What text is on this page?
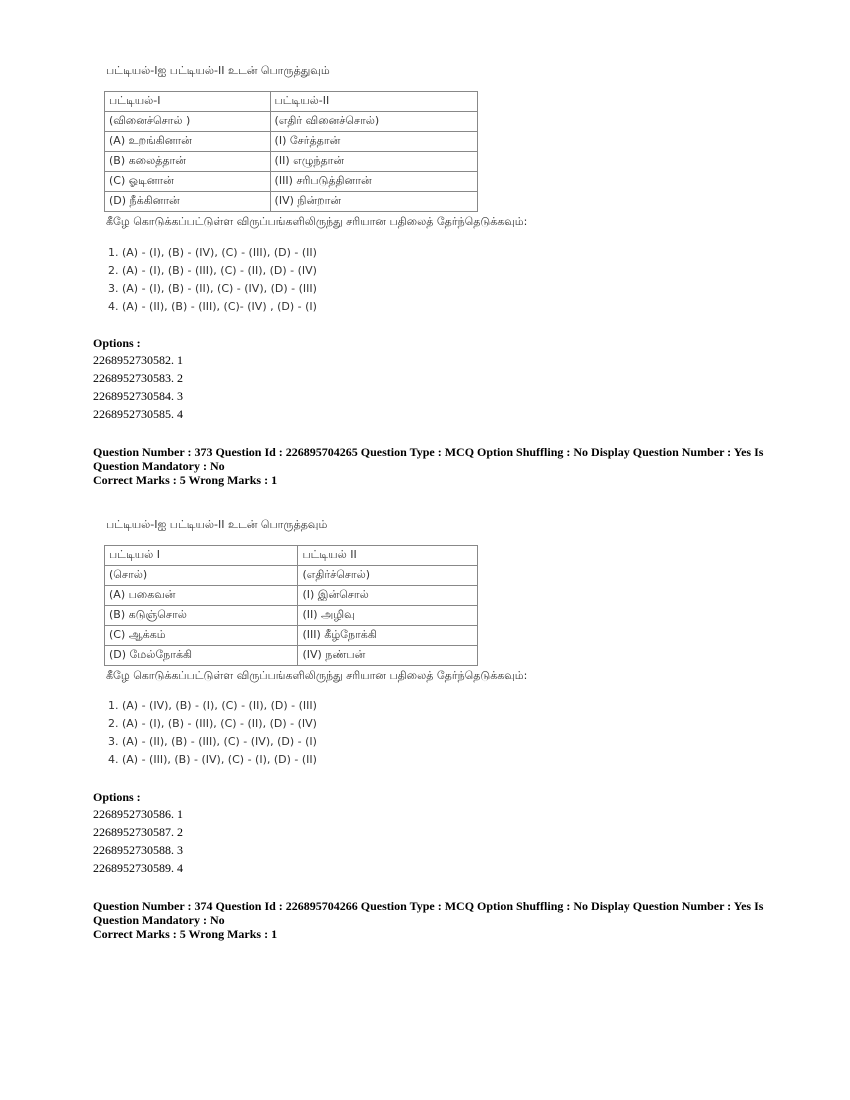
பட்டியல்-Iஐ பட்டியல்-II உடன் பொருத்துவும்
பட்டியல்-I	பட்டியல்-II
(வினைச்சொல் )	(எதிர் வினைச்சொல்)
(A) உறங்கினான்	(I) சேர்த்தான்
(B) கலைத்தான்	(II) எழுந்தான்
(C) ஓடினான்	(III) சரிபடுத்தினான்
(D) நீக்கினான்	(IV) நின்றான்
கீழே கொடுக்கப்பட்டுள்ள விருப்பங்களிலிருந்து சரியான பதிலைத் தேர்ந்தெடுக்கவும்:
1. (A) - (I), (B) - (IV), (C) - (III), (D) - (II)
2. (A) - (I), (B) - (III), (C) - (II), (D) - (IV)
3. (A) - (I), (B) - (II), (C) - (IV), (D) - (III)
4. (A) - (II), (B) - (III), (C)- (IV) , (D) - (I)
Options :
2268952730582. 1
2268952730583. 2
2268952730584. 3
2268952730585. 4
Question Number : 373 Question Id : 226895704265 Question Type : MCQ Option Shuffling : No Display Question Number : Yes Is
Question Mandatory : No
Correct Marks : 5 Wrong Marks : 1
பட்டியல்-Iஐ பட்டியல்-II உடன் பொருத்தவும்
பட்டியல் I	பட்டியல் II
(சொல்)	(எதிர்ச்சொல்)
(A) பகைவன்	(I) இன்சொல்
(B) கடுஞ்சொல்	(II) அழிவு
(C) ஆக்கம்	(III) கீழ்நோக்கி
(D) மேல்நோக்கி	(IV) நண்பன்
கீழே கொடுக்கப்பட்டுள்ள விருப்பங்களிலிருந்து சரியான பதிலைத் தேர்ந்தெடுக்கவும்:
1. (A) - (IV), (B) - (I), (C) - (II), (D) - (III)
2. (A) - (I), (B) - (III), (C) - (II), (D) - (IV)
3. (A) - (II), (B) - (III), (C) - (IV), (D) - (I)
4. (A) - (III), (B) - (IV), (C) - (I), (D) - (II)
Options :
2268952730586. 1
2268952730587. 2
2268952730588. 3
2268952730589. 4
Question Number : 374 Question Id : 226895704266 Question Type : MCQ Option Shuffling : No Display Question Number : Yes Is
Question Mandatory : No
Correct Marks : 5 Wrong Marks : 1
